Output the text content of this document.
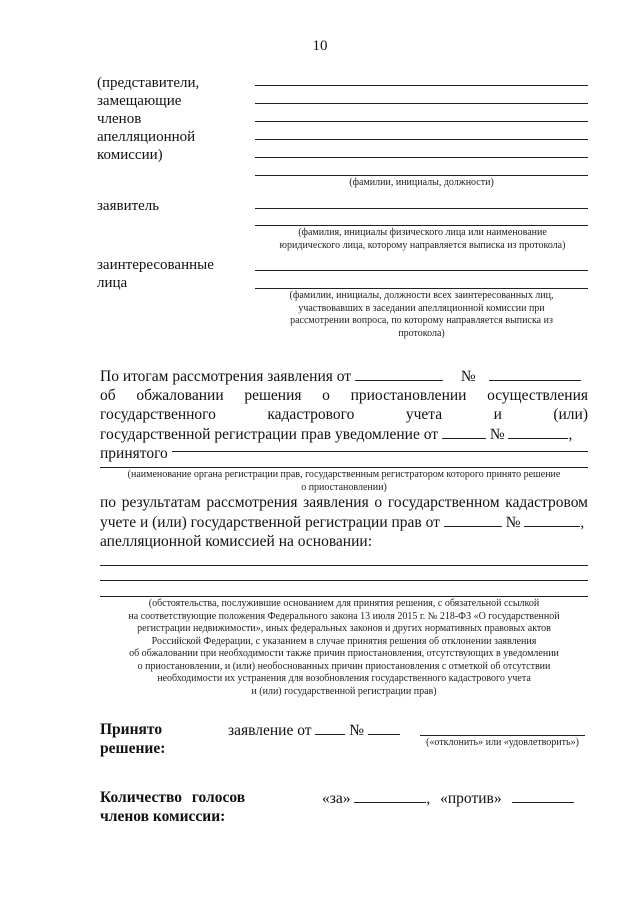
10
(представители,
замещающие
членов
апелляционной
комиссии)
(фамилии, инициалы, должности)
заявитель
(фамилия, инициалы физического лица или наименование
юридического лица, которому направляется выписка из протокола)
заинтересованные
лица
(фамилии, инициалы, должности всех заинтересованных лиц,
участвовавших в заседании апелляционной комиссии при
рассмотрении вопроса, по которому направляется выписка из
протокола)
По итогам рассмотрения заявления от	№
об обжаловании решения о приостановлении осуществления
государственного	кадастрового	учета	и	(или)
государственной регистрации прав уведомление от	№	,
принятого
(наименование органа регистрации прав, государственным регистратором которого принято решение
о приостановлении)
по результатам рассмотрения заявления о государственном кадастровом
учете и (или) государственной регистрации прав от	№	,
апелляционной комиссией на основании:
(обстоятельства, послужившие основанием для принятия решения, с обязательной ссылкой
на соответствующие положения Федерального закона 13 июля 2015 г. № 218-ФЗ «О государственной
регистрации недвижимости», иных федеральных законов и других нормативных правовых актов
Российской Федерации, с указанием в случае принятия решения об отклонении заявления
об обжаловании при необходимости также причин приостановления, отсутствующих в уведомлении
о приостановлении, и (или) необоснованных причин приостановления с отметкой об отсутствии
необходимости их устранения для возобновления государственного кадастрового учета
и (или) государственной регистрации прав)
Принято
решение:
заявление от №
(«отклонить» или «удовлетворить»)
Количество голосов
членов комиссии:
«за»	, «против»
